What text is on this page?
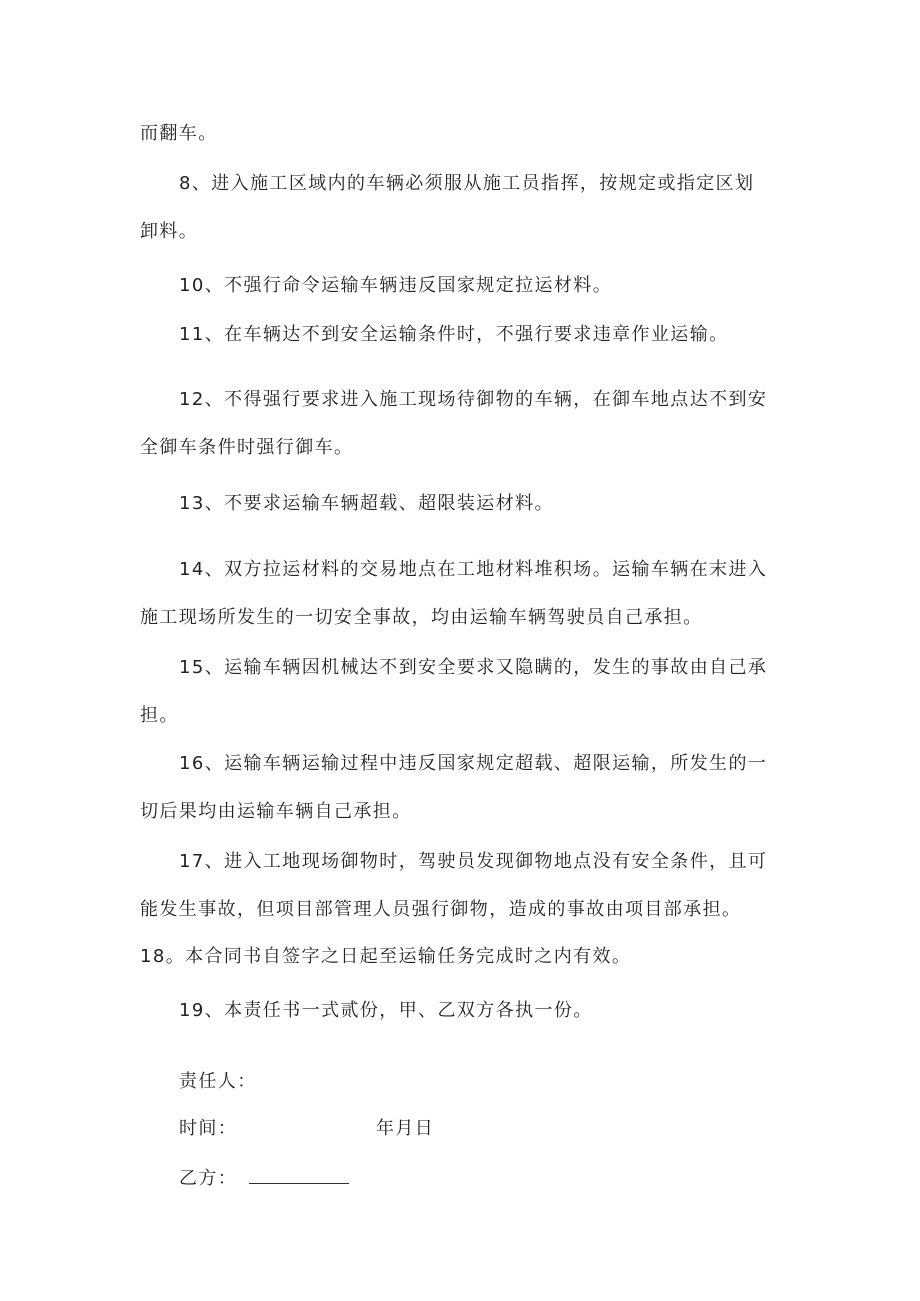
而翻车。
8、进入施工区域内的车辆必须服从施工员指挥，按规定或指定区划
卸料。
10、不强行命令运输车辆违反国家规定拉运材料。
11、在车辆达不到安全运输条件时，不强行要求违章作业运输。
12、不得强行要求进入施工现场待御物的车辆，在御车地点达不到安
全御车条件时强行御车。
13、不要求运输车辆超载、超限装运材料。
14、双方拉运材料的交易地点在工地材料堆积场。运输车辆在末进入
施工现场所发生的一切安全事故，均由运输车辆驾驶员自己承担。
15、运输车辆因机械达不到安全要求又隐瞒的，发生的事故由自己承
担。
16、运输车辆运输过程中违反国家规定超载、超限运输，所发生的一
切后果均由运输车辆自己承担。
17、进入工地现场御物时，驾驶员发现御物地点没有安全条件，且可
能发生事故，但项目部管理人员强行御物，造成的事故由项目部承担。
18。本合同书自签字之日起至运输任务完成时之内有效。
19、本责任书一式贰份，甲、乙双方各执一份。
责任人：
时间：	年月日
乙方：
